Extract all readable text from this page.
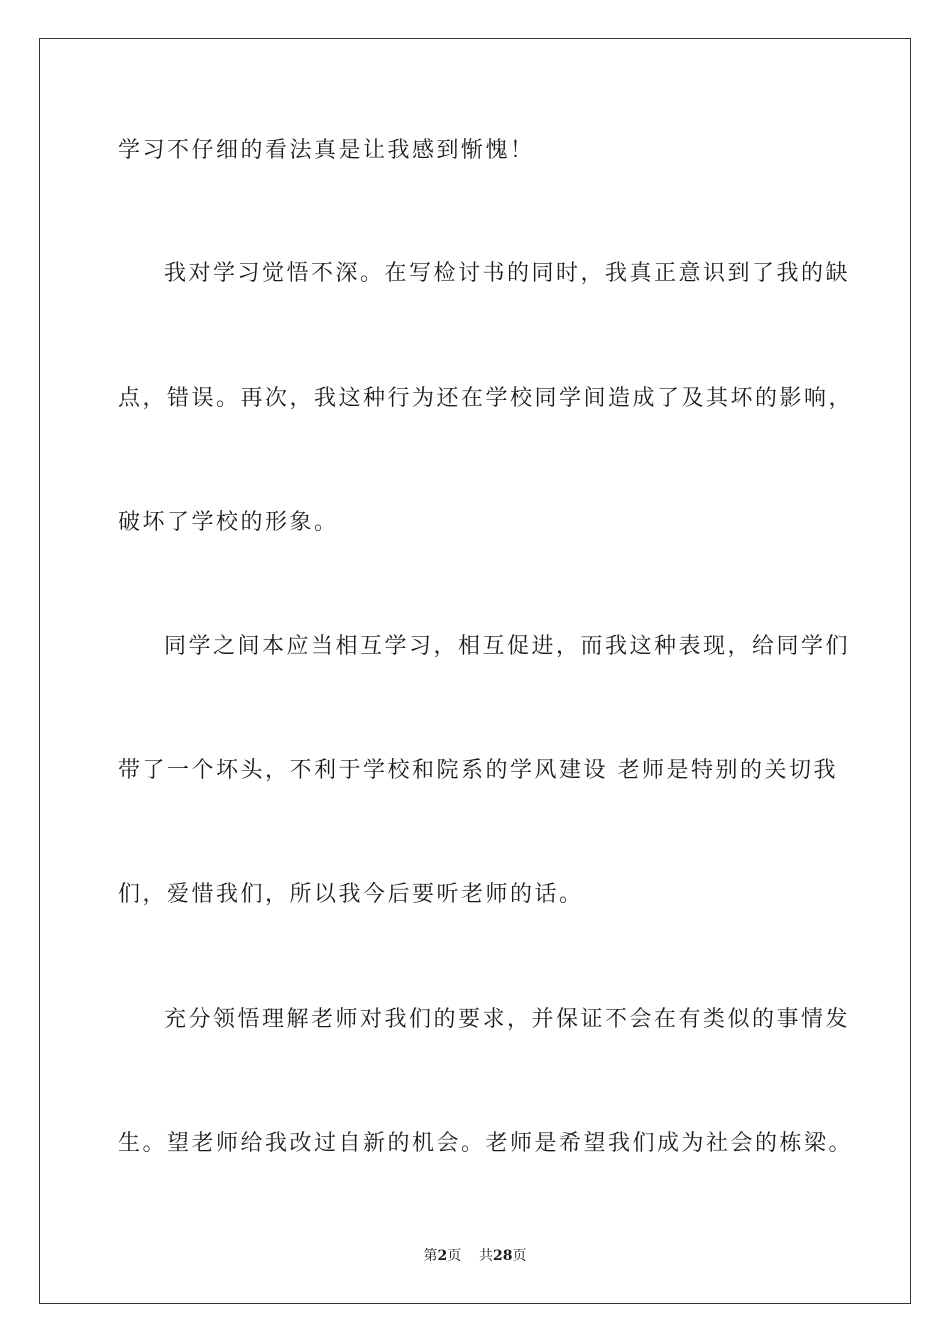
学习不仔细的看法真是让我感到惭愧！
我对学习觉悟不深。在写检讨书的同时，我真正意识到了我的缺
点，错误。再次，我这种行为还在学校同学间造成了及其坏的影响，
破坏了学校的形象。
同学之间本应当相互学习，相互促进，而我这种表现，给同学们
带了一个坏头，不利于学校和院系的学风建设 老师是特别的关切我
们，爱惜我们，所以我今后要听老师的话。
充分领悟理解老师对我们的要求，并保证不会在有类似的事情发
生。望老师给我改过自新的机会。老师是希望我们成为社会的栋梁。
第2页 共28页
